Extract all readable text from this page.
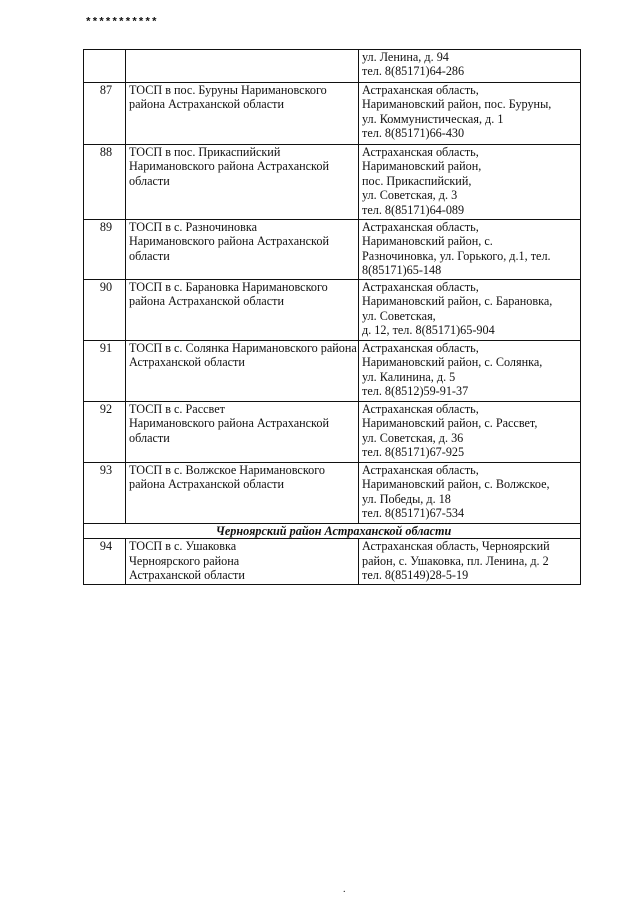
***********
		ул. Ленина, д. 94
тел. 8(85171)64-286
87	ТОСП в пос. Буруны Наримановского района Астраханской области	Астраханская область,
Наримановский район, пос. Буруны,
ул. Коммунистическая, д. 1
тел. 8(85171)66-430
88	ТОСП в пос. Прикаспийский
Наримановского района Астраханской области	Астраханская область,
Наримановский район,
пос. Прикаспийский,
ул. Советская, д. 3
тел. 8(85171)64-089
89	ТОСП в с. Разночиновка
Наримановского района Астраханской области	Астраханская область,
Наримановский район, с.
Разночиновка, ул. Горького, д.1, тел.
8(85171)65-148
90	ТОСП в с. Барановка Наримановского района Астраханской области	Астраханская область,
Наримановский район, с. Барановка,
ул. Советская,
д. 12, тел. 8(85171)65-904
91	ТОСП в с. Солянка Наримановского района Астраханской области	Астраханская область,
Наримановский район, с. Солянка,
ул. Калинина, д. 5
тел. 8(8512)59-91-37
92	ТОСП в с. Рассвет
Наримановского района Астраханской области	Астраханская область,
Наримановский район, с. Рассвет,
ул. Советская, д. 36
тел. 8(85171)67-925
93	ТОСП в с. Волжское Наримановского района Астраханской области	Астраханская область,
Наримановский район, с. Волжское,
ул. Победы, д. 18
тел. 8(85171)67-534
Черноярский район Астраханской области		
94	ТОСП в с. Ушаковка
Черноярского района
Астраханской области	Астраханская область, Черноярский район, с. Ушаковка, пл. Ленина, д. 2
тел. 8(85149)28-5-19
.
